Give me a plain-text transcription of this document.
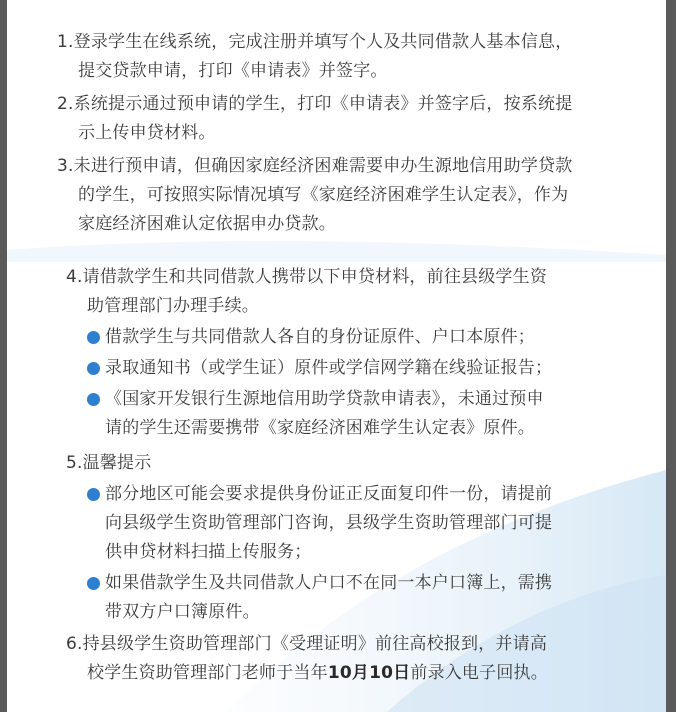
1.登录学生在线系统，完成注册并填写个人及共同借款人基本信息，
提交贷款申请，打印《申请表》并签字。
2.系统提示通过预申请的学生，打印《申请表》并签字后，按系统提
示上传申贷材料。
3.未进行预申请，但确因家庭经济困难需要申办生源地信用助学贷款
的学生，可按照实际情况填写《家庭经济困难学生认定表》，作为
家庭经济困难认定依据申办贷款。
4.请借款学生和共同借款人携带以下申贷材料，前往县级学生资
助管理部门办理手续。
借款学生与共同借款人各自的身份证原件、户口本原件；
录取通知书（或学生证）原件或学信网学籍在线验证报告；
《国家开发银行生源地信用助学贷款申请表》，未通过预申
请的学生还需要携带《家庭经济困难学生认定表》原件。
5.温馨提示
部分地区可能会要求提供身份证正反面复印件一份，请提前
向县级学生资助管理部门咨询，县级学生资助管理部门可提
供申贷材料扫描上传服务；
如果借款学生及共同借款人户口不在同一本户口簿上，需携
带双方户口簿原件。
6.持县级学生资助管理部门《受理证明》前往高校报到，并请高
校学生资助管理部门老师于当年10月10日前录入电子回执。
